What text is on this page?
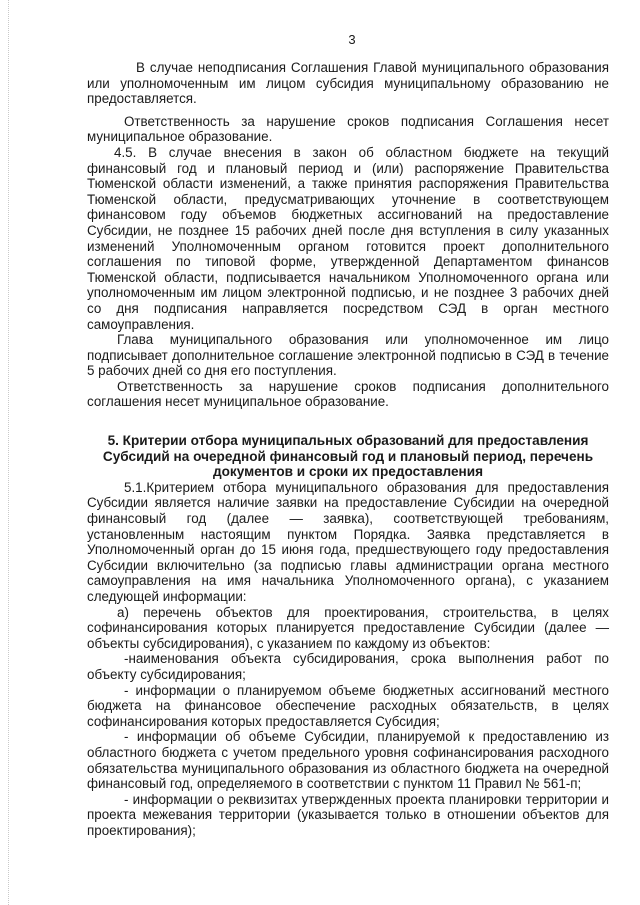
3

В случае неподписания Соглашения Главой муниципального образования или уполномоченным им лицом субсидия муниципальному образованию не предоставляется.

Ответственность за нарушение сроков подписания Соглашения несет муниципальное образование.

4.5. В случае внесения в закон об областном бюджете на текущий финансовый год и плановый период и (или) распоряжение Правительства Тюменской области изменений, а также принятия распоряжения Правительства Тюменской области, предусматривающих уточнение в соответствующем финансовом году объемов бюджетных ассигнований на предоставление Субсидии, не позднее 15 рабочих дней после дня вступления в силу указанных изменений Уполномоченным органом готовится проект дополнительного соглашения по типовой форме, утвержденной Департаментом финансов Тюменской области, подписывается начальником Уполномоченного органа или уполномоченным им лицом электронной подписью, и не позднее 3 рабочих дней со дня подписания направляется посредством СЭД в орган местного самоуправления.

Глава муниципального образования или уполномоченное им лицо подписывает дополнительное соглашение электронной подписью в СЭД в течение 5 рабочих дней со дня его поступления.

Ответственность за нарушение сроков подписания дополнительного соглашения несет муниципальное образование.

5. Критерии отбора муниципальных образований для предоставления Субсидий на очередной финансовый год и плановый период, перечень документов и сроки их предоставления

5.1.Критерием отбора муниципального образования для предоставления Субсидии является наличие заявки на предоставление Субсидии на очередной финансовый год (далее — заявка), соответствующей требованиям, установленным настоящим пунктом Порядка. Заявка представляется в Уполномоченный орган до 15 июня года, предшествующего году предоставления Субсидии включительно (за подписью главы администрации органа местного самоуправления на имя начальника Уполномоченного органа), с указанием следующей информации:

а) перечень объектов для проектирования, строительства, в целях софинансирования которых планируется предоставление Субсидии (далее — объекты субсидирования), с указанием по каждому из объектов:

-наименования объекта субсидирования, срока выполнения работ по объекту субсидирования;

- информации о планируемом объеме бюджетных ассигнований местного бюджета на финансовое обеспечение расходных обязательств, в целях софинансирования которых предоставляется Субсидия;

- информации об объеме Субсидии, планируемой к предоставлению из областного бюджета с учетом предельного уровня софинансирования расходного обязательства муниципального образования из областного бюджета на очередной финансовый год, определяемого в соответствии с пунктом 11 Правил № 561-п;

- информации о реквизитах утвержденных проекта планировки территории и проекта межевания территории (указывается только в отношении объектов для проектирования);
